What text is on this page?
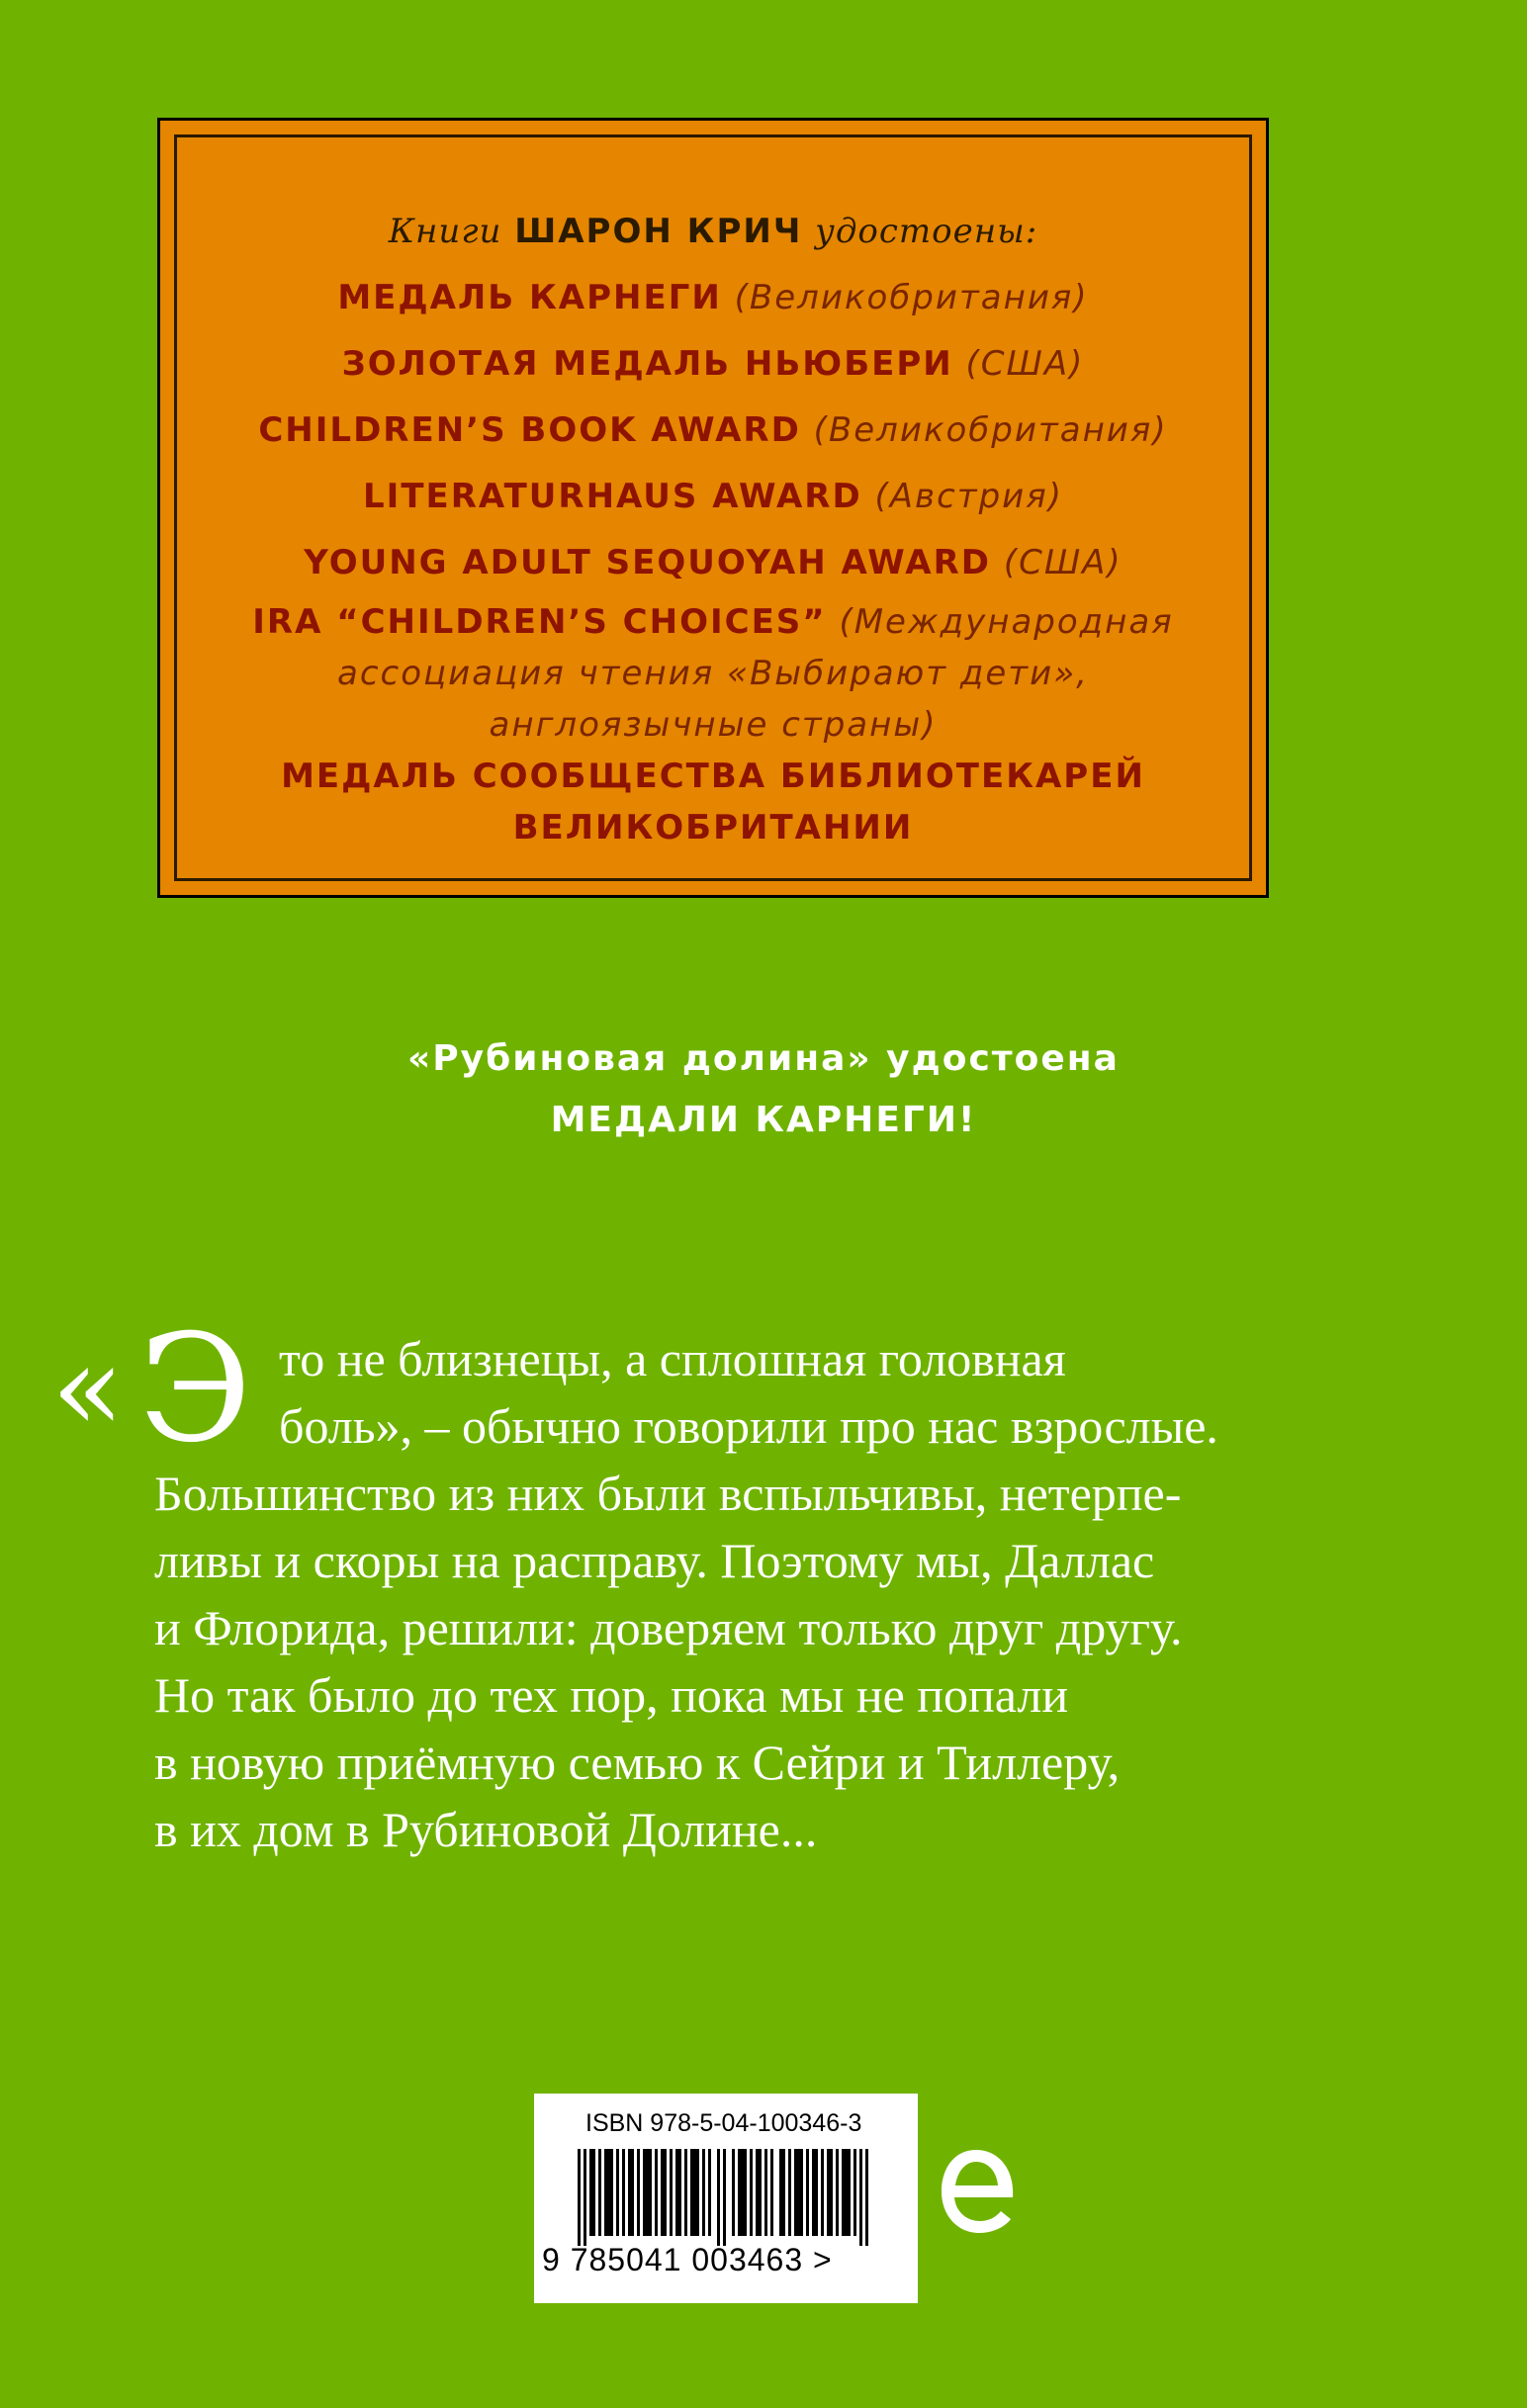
Книги ШАРОН КРИЧ удостоены:
МЕДАЛЬ КАРНЕГИ (Великобритания)
ЗОЛОТАЯ МЕДАЛЬ НЬЮБЕРИ (США)
CHILDREN’S BOOK AWARD (Великобритания)
LITERATURHAUS AWARD (Австрия)
YOUNG ADULT SEQUOYAH AWARD (США)
IRA “CHILDREN’S CHOICES” (Международная
ассоциация чтения «Выбирают дети»,
англоязычные страны)
МЕДАЛЬ СООБЩЕСТВА БИБЛИОТЕКАРЕЙ
ВЕЛИКОБРИТАНИИ
«Рубиновая долина» удостоена
МЕДАЛИ КАРНЕГИ!
« Э то не близнецы, а сплошная головная
боль», – обычно говорили про нас взрослые.
Большинство из них были вспыльчивы, нетерпе-
ливы и скоры на расправу. Поэтому мы, Даллас
и Флорида, решили: доверяем только друг другу.
Но так было до тех пор, пока мы не попали
в новую приёмную семью к Сейри и Тиллеру,
в их дом в Рубиновой Долине...
ISBN 978-5-04-100346-3
9 785041 003463 >
